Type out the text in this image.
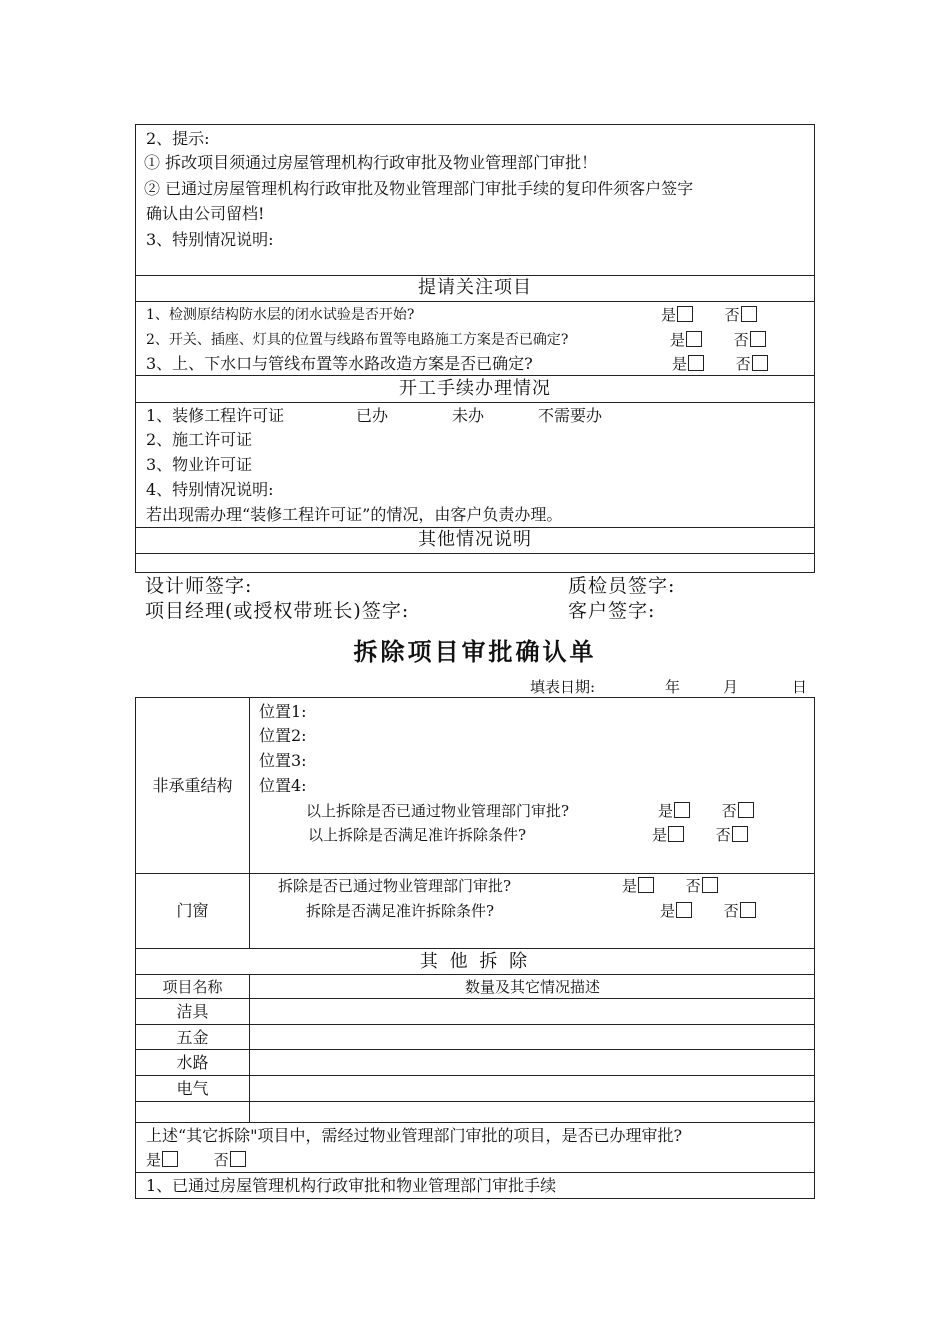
2、提示:
① 拆改项目须通过房屋管理机构行政审批及物业管理部门审批！
② 已通过房屋管理机构行政审批及物业管理部门审批手续的复印件须客户签字
确认由公司留档!
3、特别情况说明:
提请关注项目
1、检测原结构防水层的闭水试验是否开始?	是	否
2、开关、插座、灯具的位置与线路布置等电路施工方案是否已确定?	是	否
3、上、下水口与管线布置等水路改造方案是否已确定?	是	否
开工手续办理情况
1、装修工程许可证	已办	未办	不需要办
2、施工许可证
3、物业许可证
4、特别情况说明:
若出现需办理“装修工程许可证”的情况，由客户负责办理。
其他情况说明
设计师签字:	质检员签字:
项目经理(或授权带班长)签字:	客户签字:
拆除项目审批确认单
填表日期:	年	月	日
非承重结构
位置1:
位置2:
位置3:
位置4:
以上拆除是否已通过物业管理部门审批?	是	否
以上拆除是否满足准许拆除条件?	是	否
门窗
拆除是否已通过物业管理部门审批?	是	否
拆除是否满足准许拆除条件?	是	否
其 他 拆 除
项目名称	数量及其它情况描述
洁具
五金
水路
电气
上述“其它拆除"项目中，需经过物业管理部门审批的项目，是否已办理审批?
是	否
1、已通过房屋管理机构行政审批和物业管理部门审批手续
